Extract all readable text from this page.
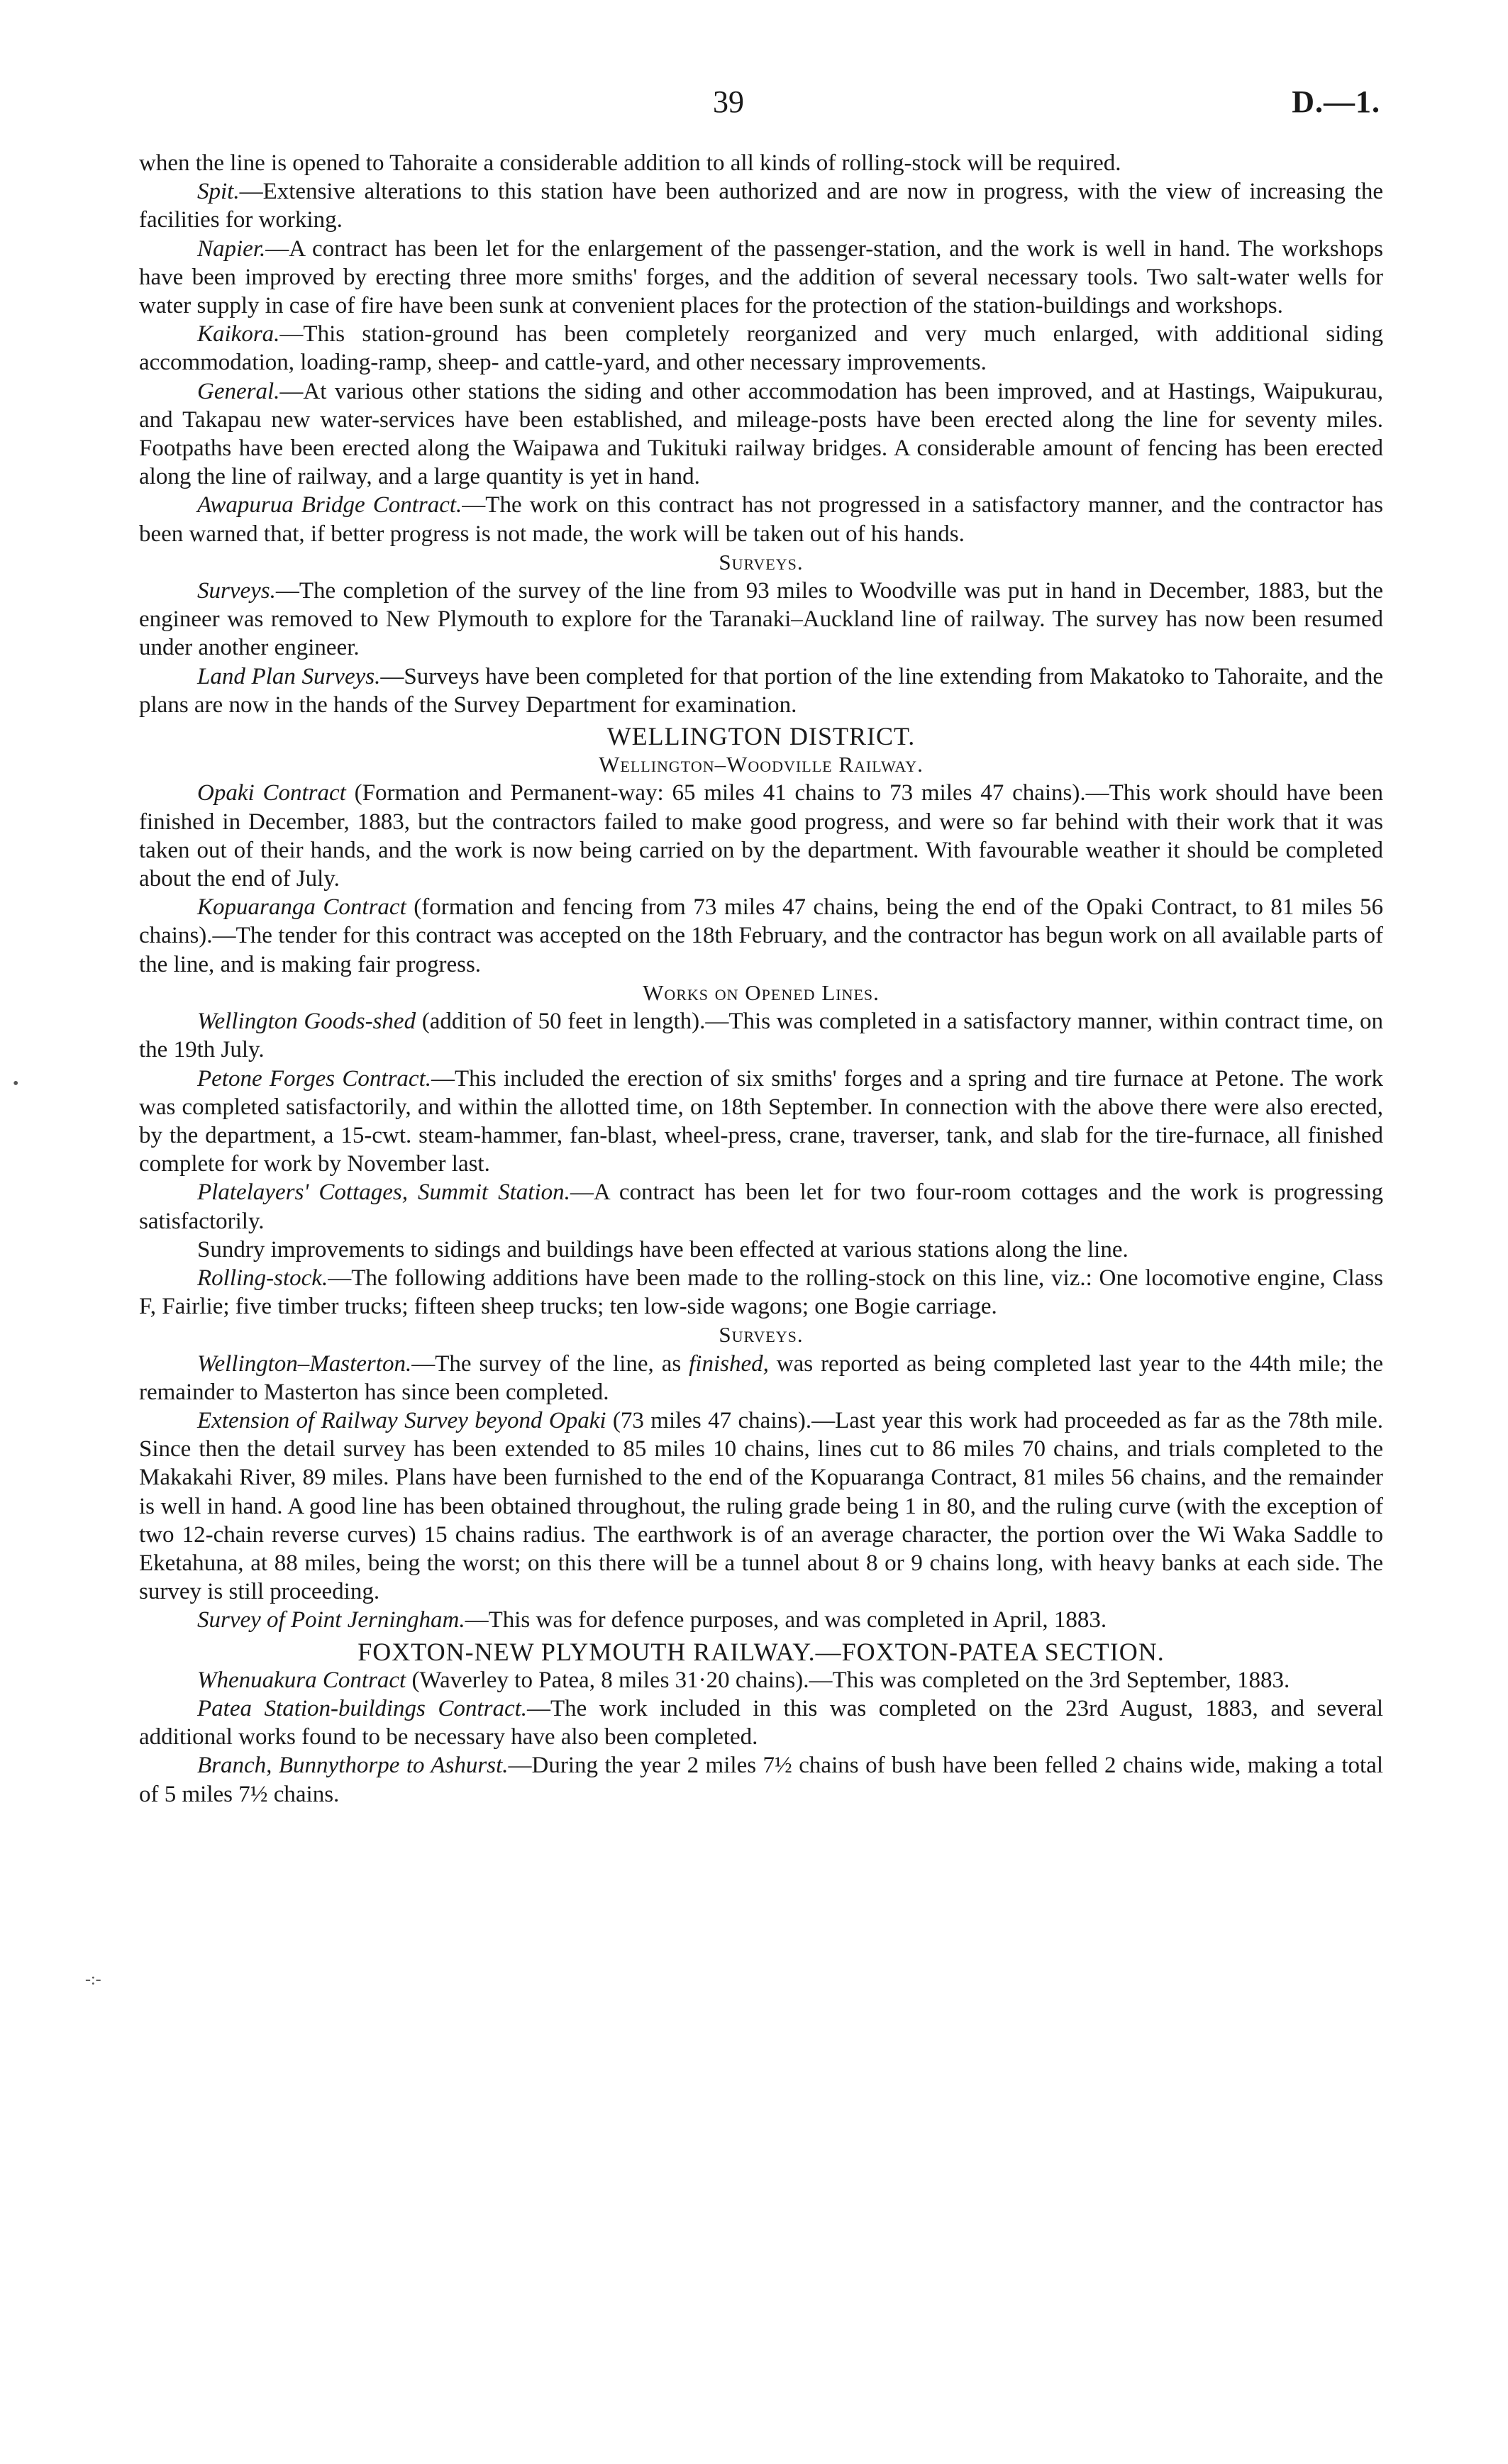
39	D.—1.
•
-:-

when the line is opened to Tahoraite a considerable addition to all kinds of rolling-stock will be required.

Spit.—Extensive alterations to this station have been authorized and are now in progress, with the view of increasing the facilities for working.

Napier.—A contract has been let for the enlargement of the passenger-station, and the work is well in hand. The workshops have been improved by erecting three more smiths' forges, and the addition of several necessary tools. Two salt-water wells for water supply in case of fire have been sunk at convenient places for the protection of the station-buildings and workshops.

Kaikora.—This station-ground has been completely reorganized and very much enlarged, with additional siding accommodation, loading-ramp, sheep- and cattle-yard, and other necessary improvements.

General.—At various other stations the siding and other accommodation has been improved, and at Hastings, Waipukurau, and Takapau new water-services have been established, and mileage-posts have been erected along the line for seventy miles. Footpaths have been erected along the Waipawa and Tukituki railway bridges. A considerable amount of fencing has been erected along the line of railway, and a large quantity is yet in hand.

Awapurua Bridge Contract.—The work on this contract has not progressed in a satisfactory manner, and the contractor has been warned that, if better progress is not made, the work will be taken out of his hands.

Surveys.

Surveys.—The completion of the survey of the line from 93 miles to Woodville was put in hand in December, 1883, but the engineer was removed to New Plymouth to explore for the Taranaki–Auckland line of railway. The survey has now been resumed under another engineer.

Land Plan Surveys.—Surveys have been completed for that portion of the line extending from Makatoko to Tahoraite, and the plans are now in the hands of the Survey Department for examination.

WELLINGTON DISTRICT.
Wellington–Woodville Railway.

Opaki Contract (Formation and Permanent-way: 65 miles 41 chains to 73 miles 47 chains).—This work should have been finished in December, 1883, but the contractors failed to make good progress, and were so far behind with their work that it was taken out of their hands, and the work is now being carried on by the department. With favourable weather it should be completed about the end of July.

Kopuaranga Contract (formation and fencing from 73 miles 47 chains, being the end of the Opaki Contract, to 81 miles 56 chains).—The tender for this contract was accepted on the 18th February, and the contractor has begun work on all available parts of the line, and is making fair progress.

Works on Opened Lines.

Wellington Goods-shed (addition of 50 feet in length).—This was completed in a satisfactory manner, within contract time, on the 19th July.

Petone Forges Contract.—This included the erection of six smiths' forges and a spring and tire furnace at Petone. The work was completed satisfactorily, and within the allotted time, on 18th September. In connection with the above there were also erected, by the department, a 15-cwt. steam-hammer, fan-blast, wheel-press, crane, traverser, tank, and slab for the tire-furnace, all finished complete for work by November last.

Platelayers' Cottages, Summit Station.—A contract has been let for two four-room cottages and the work is progressing satisfactorily.

Sundry improvements to sidings and buildings have been effected at various stations along the line.

Rolling-stock.—The following additions have been made to the rolling-stock on this line, viz.: One locomotive engine, Class F, Fairlie; five timber trucks; fifteen sheep trucks; ten low-side wagons; one Bogie carriage.

Surveys.

Wellington–Masterton.—The survey of the line, as finished, was reported as being completed last year to the 44th mile; the remainder to Masterton has since been completed.

Extension of Railway Survey beyond Opaki (73 miles 47 chains).—Last year this work had proceeded as far as the 78th mile. Since then the detail survey has been extended to 85 miles 10 chains, lines cut to 86 miles 70 chains, and trials completed to the Makakahi River, 89 miles. Plans have been furnished to the end of the Kopuaranga Contract, 81 miles 56 chains, and the remainder is well in hand. A good line has been obtained throughout, the ruling grade being 1 in 80, and the ruling curve (with the exception of two 12-chain reverse curves) 15 chains radius. The earthwork is of an average character, the portion over the Wi Waka Saddle to Eketahuna, at 88 miles, being the worst; on this there will be a tunnel about 8 or 9 chains long, with heavy banks at each side. The survey is still proceeding.

Survey of Point Jerningham.—This was for defence purposes, and was completed in April, 1883.

FOXTON-NEW PLYMOUTH RAILWAY.—FOXTON-PATEA SECTION.

Whenuakura Contract (Waverley to Patea, 8 miles 31·20 chains).—This was completed on the 3rd September, 1883.

Patea Station-buildings Contract.—The work included in this was completed on the 23rd August, 1883, and several additional works found to be necessary have also been completed.

Branch, Bunnythorpe to Ashurst.—During the year 2 miles 7½ chains of bush have been felled 2 chains wide, making a total of 5 miles 7½ chains.
